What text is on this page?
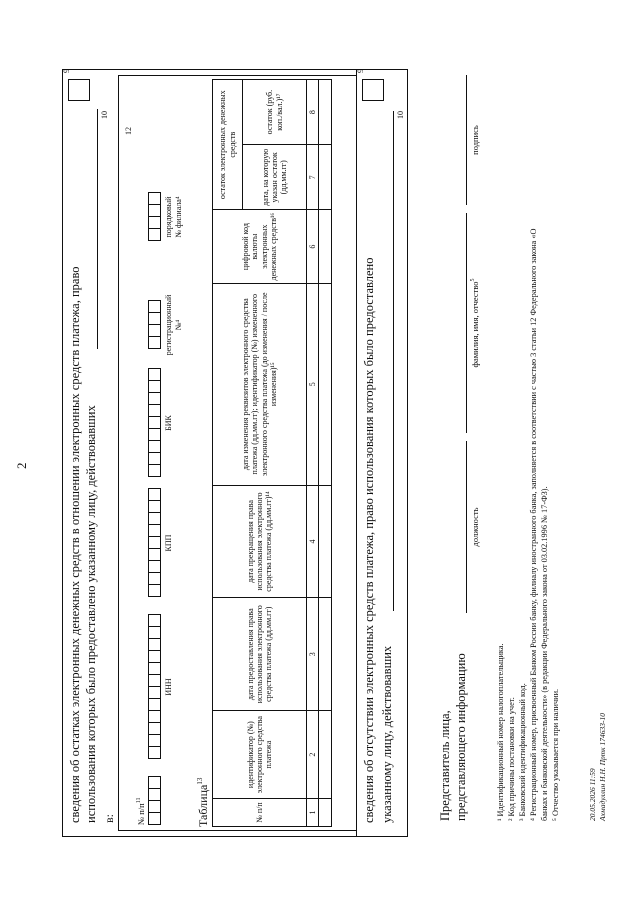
2	сведения об остатках электронных денежных средств в отношении электронных средств платежа, право использования которых было предоставлено указанному лицу, действовавших в:
9
10
12
№ $п/п^{11}$
ИНН
КПП
БИК
регистрационный №⁴
порядковый № филиала⁴
Таблица$^{13}$
№ п/п	идентификатор (№) электронного средства платежа	дата предоставления права использования электронного средства платежа (дд.мм.гг)	дата прекращения права использования электронного средства платежа (дд.мм.гг)¹⁴	дата изменения реквизитов электронного средства платежа (дд.мм.гг); идентификатор (№) измененного электронного средства платежа (до изменения / после изменения)¹⁵	цифровой код валюты электронных денежных средств¹⁶	остаток электронных денежных средств	
						дата, на которую указан остаток (дд.мм.гг)	остаток (руб. коп./вал.)¹⁷
1	2	3	4	5	6	7	8

сведения об отсутствии электронных средств платежа, право использования которых было предоставлено указанному лицу, действовавших
9
10
Представитель лица, представляющего информацию
должность
фамилия, имя, отчество$^5$
подпись
¹ Идентификационный номер налогоплательщика. ² Код причины постановки на учет. ³ Банковский идентификационный код. ⁴ Регистрационный номер, присвоенный Банком России банку, филиалу иностранного банка, заполняется в соответствии с частью 3 статьи 12 Федерального закона «О банках и банковской деятельности» (в редакции Федерального закона от 03.02.1996 № 17-ФЗ). ⁵ Отчество указывается при наличии.	20.05.2026 11:59 Ахмадуллин Н.Н. Пртк 174633-10
